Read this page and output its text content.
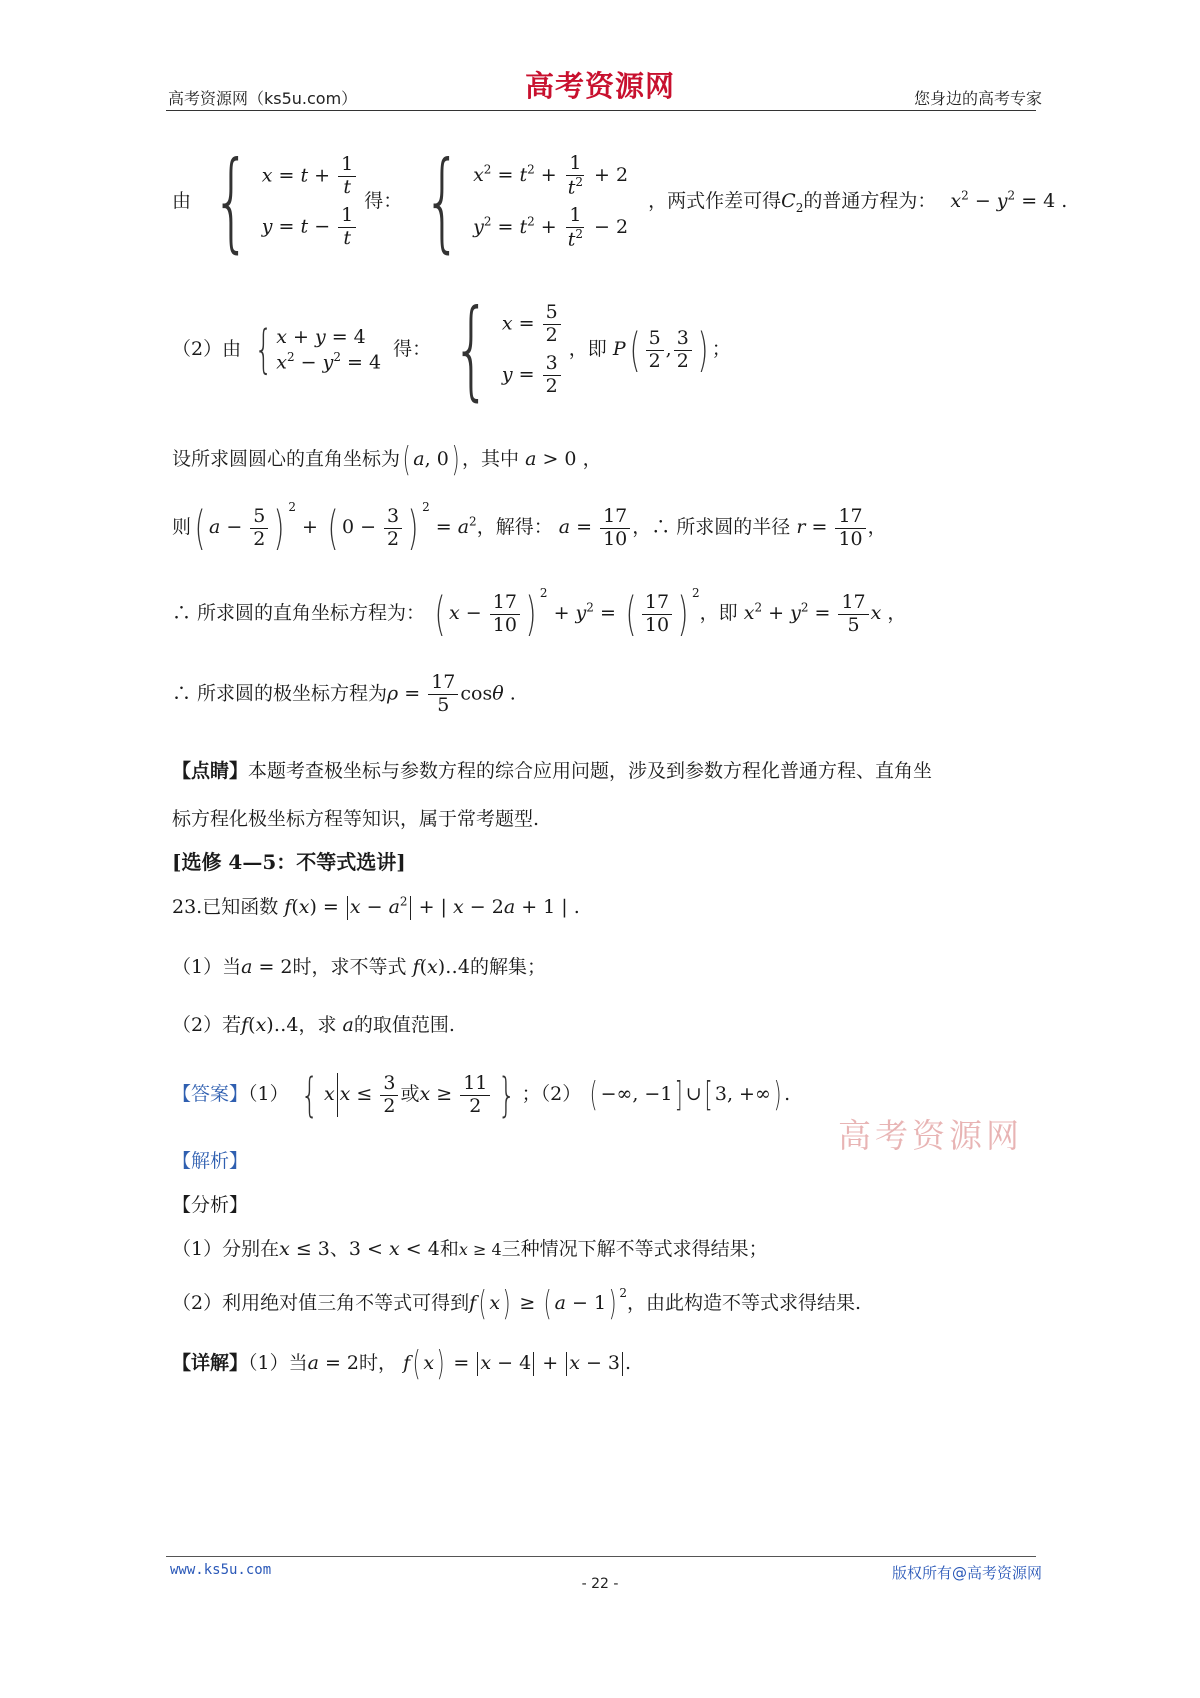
高考资源网（ks5u.com）	高考资源网	您身边的高考专家
由 { $x = t + \frac{1}{t}$
$y = t - \frac{1}{t}$
得： { $x^2 = t^2 + \frac{1}{t^2} + 2$
$y^2 = t^2 + \frac{1}{t^2} - 2$
，两式作差可得$C_2$的普通方程为： $x^2 - y^2 = 4$ .
（2）由 { x + y = 4
$x^2 - y^2 = 4$
得： { $x = \frac{5}{2}$
$y = \frac{3}{2}$
，即 $P( \frac{5}{2}$ , $\frac{3}{2}$ ) ；
设所求圆圆心的直角坐标为( a, 0) ，其中 a > 0 ，
则( $a - \frac{5}{2}$ ) $^2$ + ( $0 - \frac{3}{2}$ ) $^2 = a^2$，解得： $a = \frac{17}{10}$ ，∴ 所求圆的半径 $r = \frac{17}{10}$ ，
∴ 所求圆的直角坐标方程为： ( $x - \frac{17}{10}$ ) $^2 + y^2$ = ( $\frac{17}{10}$ ) $^2$，即 $x^2 + y^2 = \frac{17}{5}$ x ，
∴ 所求圆的极坐标方程为$\rho = \frac{17}{5}$ cosθ .
【点睛】本题考查极坐标与参数方程的综合应用问题，涉及到参数方程化普通方程、直角坐
标方程化极坐标方程等知识，属于常考题型.
[选修 4—5：不等式选讲]
23.已知函数 $f(x) = x - a^2$ + | x − 2a + 1 | .
（1）当a = 2时，求不等式 f(x)‥4的解集；
（2）若f(x)‥4，求 a的取值范围.
【答案】（1） { x $x \le \frac{3}{2}$ 或$x \ge \frac{11}{2}$ } ；（2） ( −∞, −1] ∪[ 3, +∞) .
【解析】
【分析】
（1）分别在x ≤ 3、3 < x < 4和x ≥ 4三种情况下解不等式求得结果；
（2）利用绝对值三角不等式可得到f( x) ≥ ( a − 1) $^2$，由此构造不等式求得结果.
【详解】（1）当a = 2时， f( x) = x − 4 + x − 3 .
高考资源网
www.ks5u.com
- 22 -
版权所有@高考资源网
